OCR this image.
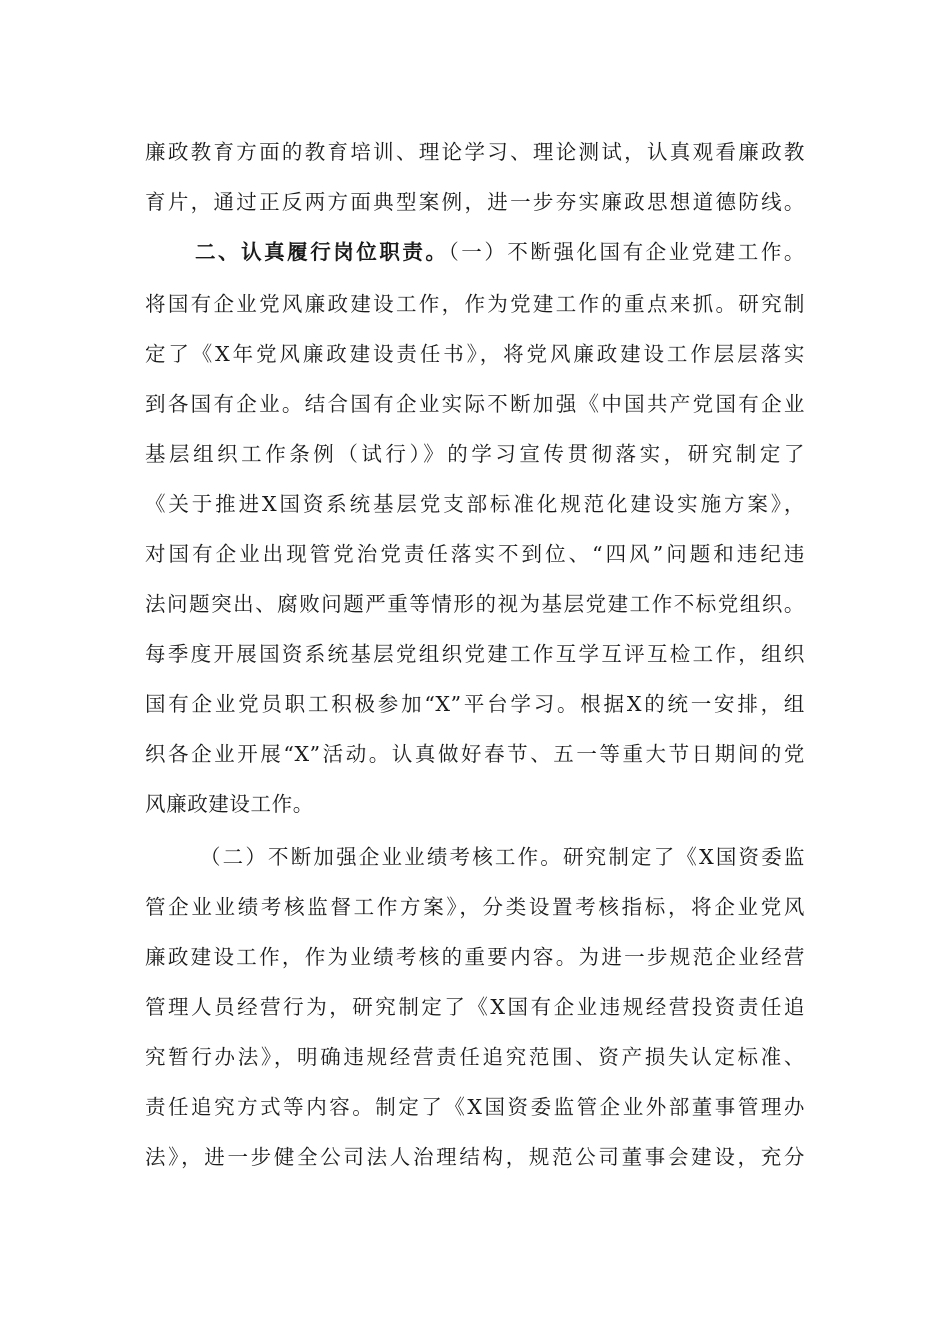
廉政教育方面的教育培训、理论学习、理论测试，认真观看廉政教
育片，通过正反两方面典型案例，进一步夯实廉政思想道德防线。
二、认真履行岗位职责。（一）不断强化国有企业党建工作。
将国有企业党风廉政建设工作，作为党建工作的重点来抓。研究制
定了《X年党风廉政建设责任书》，将党风廉政建设工作层层落实
到各国有企业。结合国有企业实际不断加强《中国共产党国有企业
基层组织工作条例（试行）》的学习宣传贯彻落实，研究制定了
《关于推进X国资系统基层党支部标准化规范化建设实施方案》，
对国有企业出现管党治党责任落实不到位、“四风”问题和违纪违
法问题突出、腐败问题严重等情形的视为基层党建工作不标党组织。
每季度开展国资系统基层党组织党建工作互学互评互检工作，组织
国有企业党员职工积极参加“X”平台学习。根据X的统一安排，组
织各企业开展“X”活动。认真做好春节、五一等重大节日期间的党
风廉政建设工作。
（二）不断加强企业业绩考核工作。研究制定了《X国资委监
管企业业绩考核监督工作方案》，分类设置考核指标，将企业党风
廉政建设工作，作为业绩考核的重要内容。为进一步规范企业经营
管理人员经营行为，研究制定了《X国有企业违规经营投资责任追
究暂行办法》，明确违规经营责任追究范围、资产损失认定标准、
责任追究方式等内容。制定了《X国资委监管企业外部董事管理办
法》，进一步健全公司法人治理结构，规范公司董事会建设，充分
